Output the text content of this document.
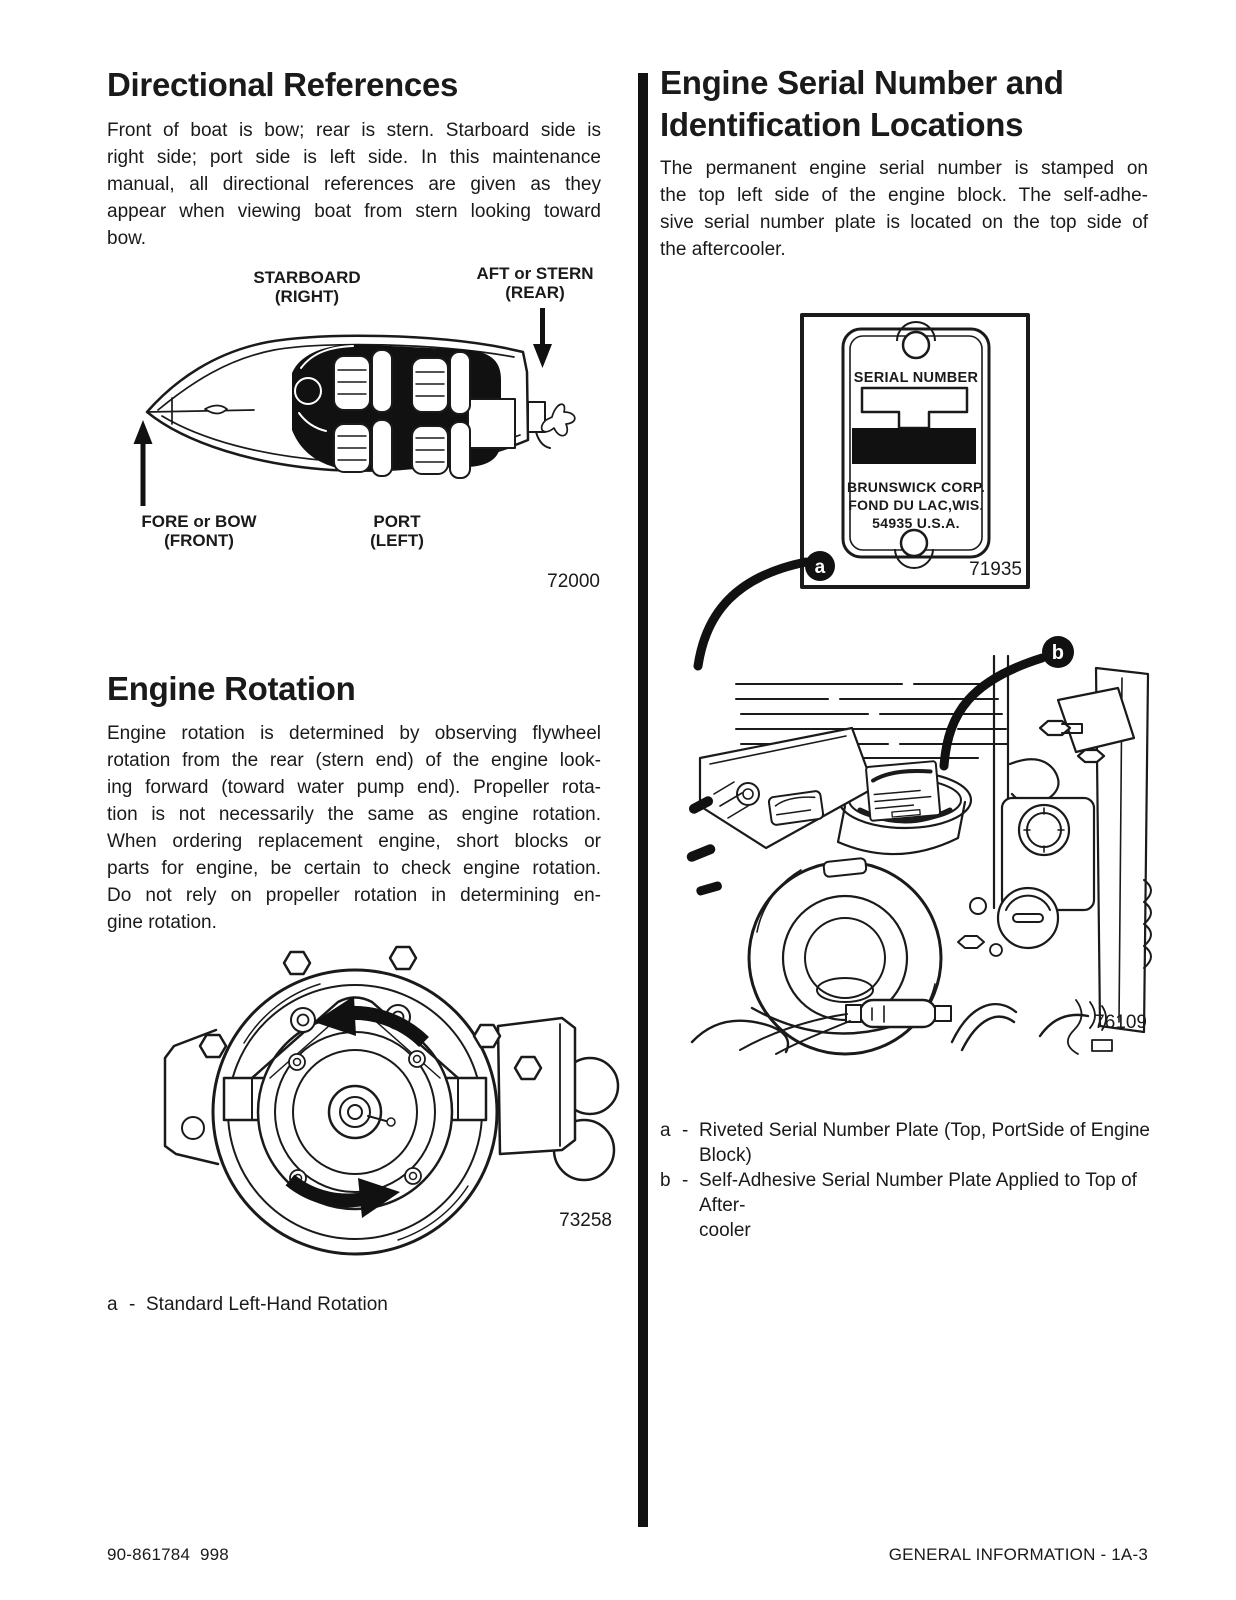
Directional References
Front of boat is bow; rear is stern. Starboard side is
right side; port side is left side. In this maintenance
manual, all directional references are given as they
appear when viewing boat from stern looking toward
bow.
STARBOARD
(RIGHT)
AFT or STERN
(REAR)
FORE or BOW
(FRONT)
PORT
(LEFT)
72000
Engine Rotation
Engine rotation is determined by observing flywheel
rotation from the rear (stern end) of the engine look-
ing forward (toward water pump end). Propeller rota-
tion is not necessarily the same as engine rotation.
When ordering replacement engine, short blocks or
parts for engine, be certain to check engine rotation.
Do not rely on propeller rotation in determining en-
gine rotation.
73258
a - Standard Left-Hand Rotation
Engine Serial Number and
Identification Locations
The permanent engine serial number is stamped on
the top left side of the engine block. The self-adhe-
sive serial number plate is located on the top side of
the aftercooler.
a
SERIAL NUMBER
BRUNSWICK CORP.
FOND DU LAC,WIS.
54935 U.S.A.
71935
b
76109
a - Riveted Serial Number Plate (Top, PortSide of Engine
Block)
b - Self-Adhesive Serial Number Plate Applied to Top of After-
cooler
90-861784  998	GENERAL INFORMATION - 1A-3
